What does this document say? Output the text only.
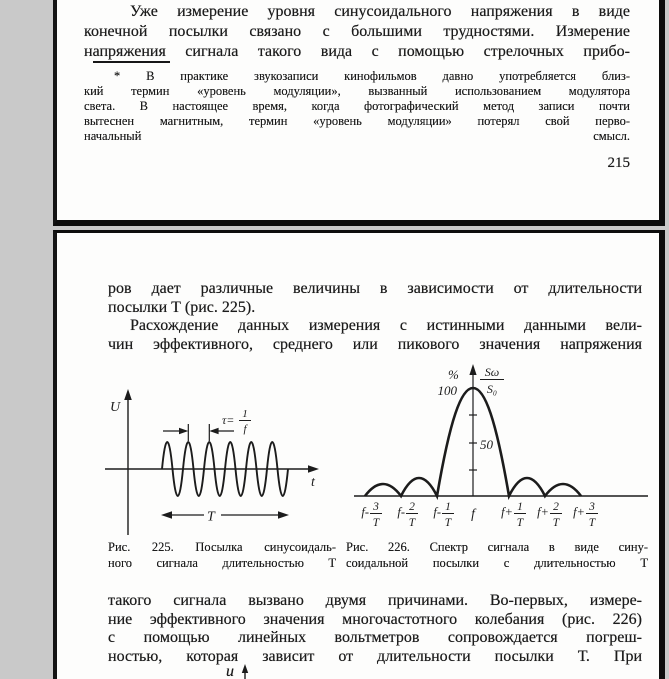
Уже измерение уровня синусоидального напряжения в виде
конечной посылки связано с большими трудностями. Измерение
напряжения сигнала такого вида с помощью стрелочных прибо-
* В практике звукозаписи кинофильмов давно употребляется близ-
кий термин «уровень модуляции», вызванный использованием модулятора
света. В настоящее время, когда фотографический метод записи почти
вытеснен магнитным, термин «уровень модуляции» потерял свой перво-
начальный смысл.
215
ров дает различные величины в зависимости от длительности
посылки Т (рис. 225).
Расхождение данных измерения с истинными данными вели-
чин эффективного, среднего или пикового значения напряжения
U
t
τ= 1
f
T
% Sω
S₀
100
50
f- 3
T
f- 2
T
f- 1
T
f f+ 1
T
f+ 2
T
f+ 3
T
Рис. 225. Посылка синусоидаль-
ного сигнала длительностью Т
Рис. 226. Спектр сигнала в виде сину-
соидальной посылки с длительностью Т
такого сигнала вызвано двумя причинами. Во-первых, измере-
ние эффективного значения многочастотного колебания (рис. 226)
с помощью линейных вольтметров сопровождается погреш-
ностью, которая зависит от длительности посылки Т. При
u
